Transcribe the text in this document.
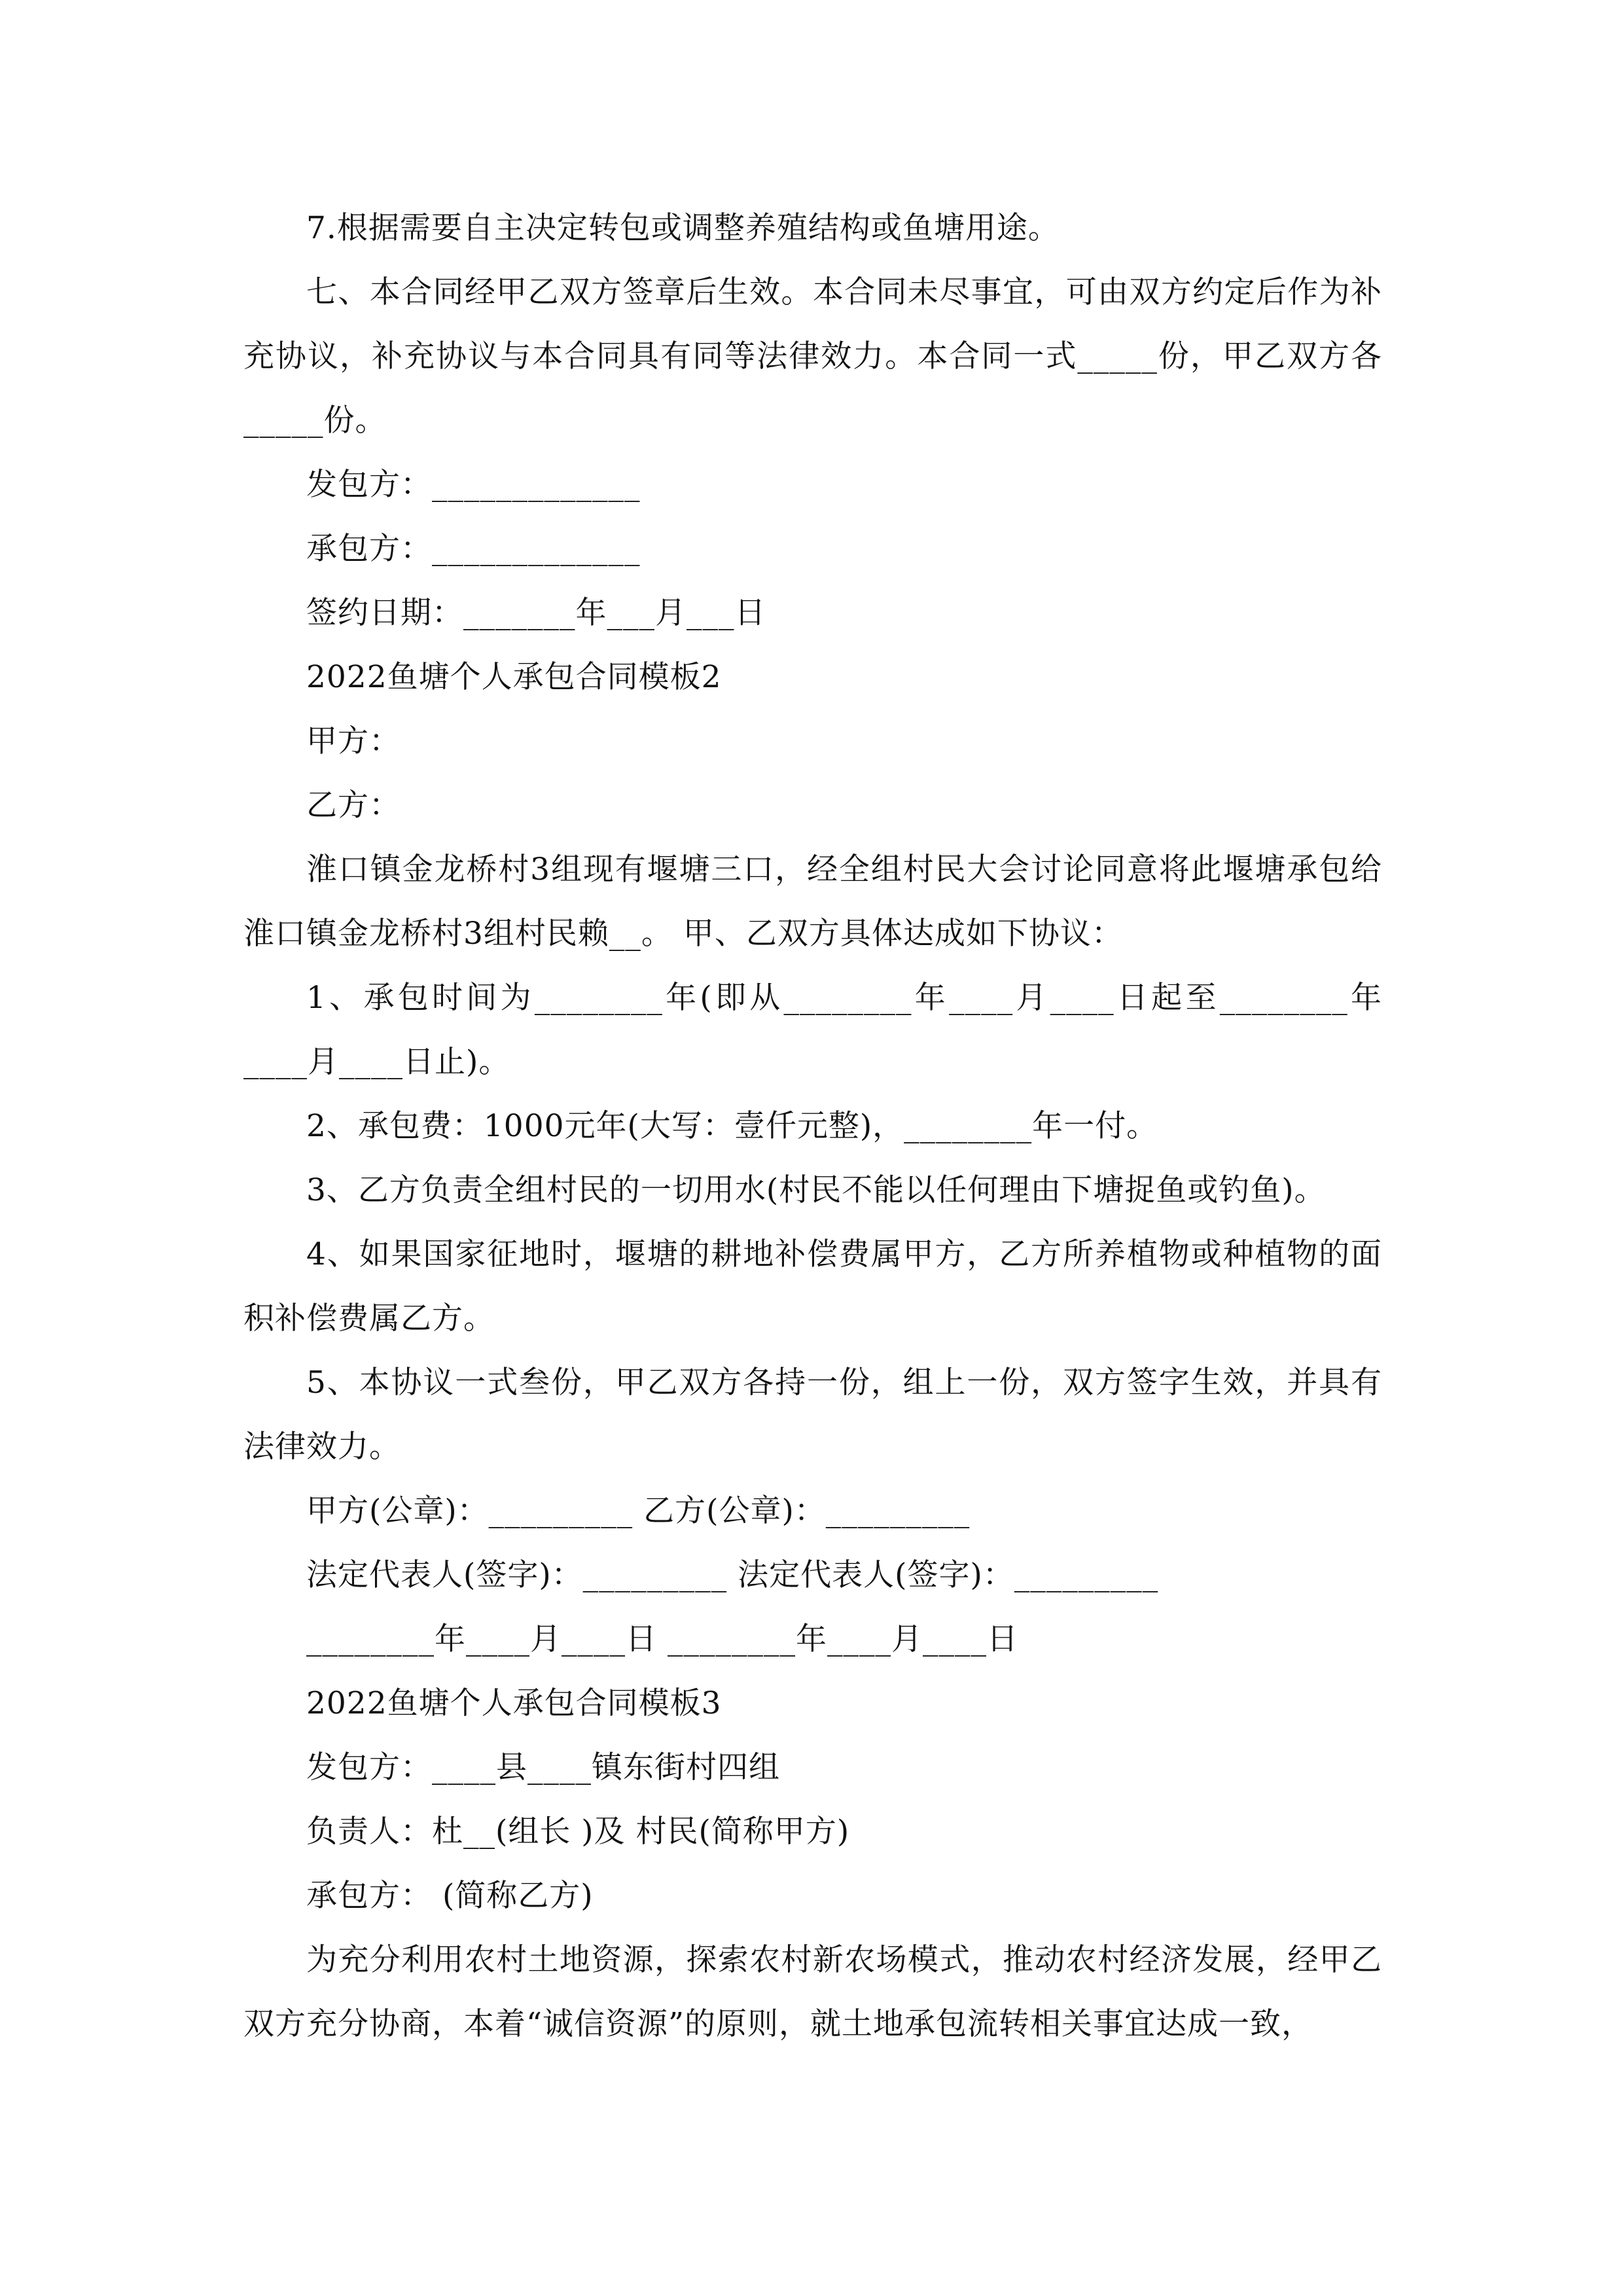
7.根据需要自主决定转包或调整养殖结构或鱼塘用途。

七、本合同经甲乙双方签章后生效。本合同未尽事宜，可由双方约定后作为补充协议，补充协议与本合同具有同等法律效力。本合同一式_____份，甲乙双方各_____份。

发包方：_____________

承包方：_____________

签约日期：_______年___月___日

2022鱼塘个人承包合同模板2

甲方：

乙方：

淮口镇金龙桥村3组现有堰塘三口，经全组村民大会讨论同意将此堰塘承包给淮口镇金龙桥村3组村民赖__。 甲、乙双方具体达成如下协议：

1、承包时间为________年(即从________年____月____日起至________年____月____日止)。

2、承包费：1000元年(大写：壹仟元整)，________年一付。

3、乙方负责全组村民的一切用水(村民不能以任何理由下塘捉鱼或钓鱼)。

4、如果国家征地时，堰塘的耕地补偿费属甲方，乙方所养植物或种植物的面积补偿费属乙方。

5、本协议一式叁份，甲乙双方各持一份，组上一份，双方签字生效，并具有法律效力。

甲方(公章)：_________ 乙方(公章)：_________

法定代表人(签字)：_________ 法定代表人(签字)：_________

________年____月____日 ________年____月____日

2022鱼塘个人承包合同模板3

发包方：____县____镇东街村四组

负责人：杜__(组长 )及 村民(简称甲方)

承包方： (简称乙方)

为充分利用农村土地资源，探索农村新农场模式，推动农村经济发展，经甲乙双方充分协商，本着“诚信资源”的原则，就土地承包流转相关事宜达成一致，
